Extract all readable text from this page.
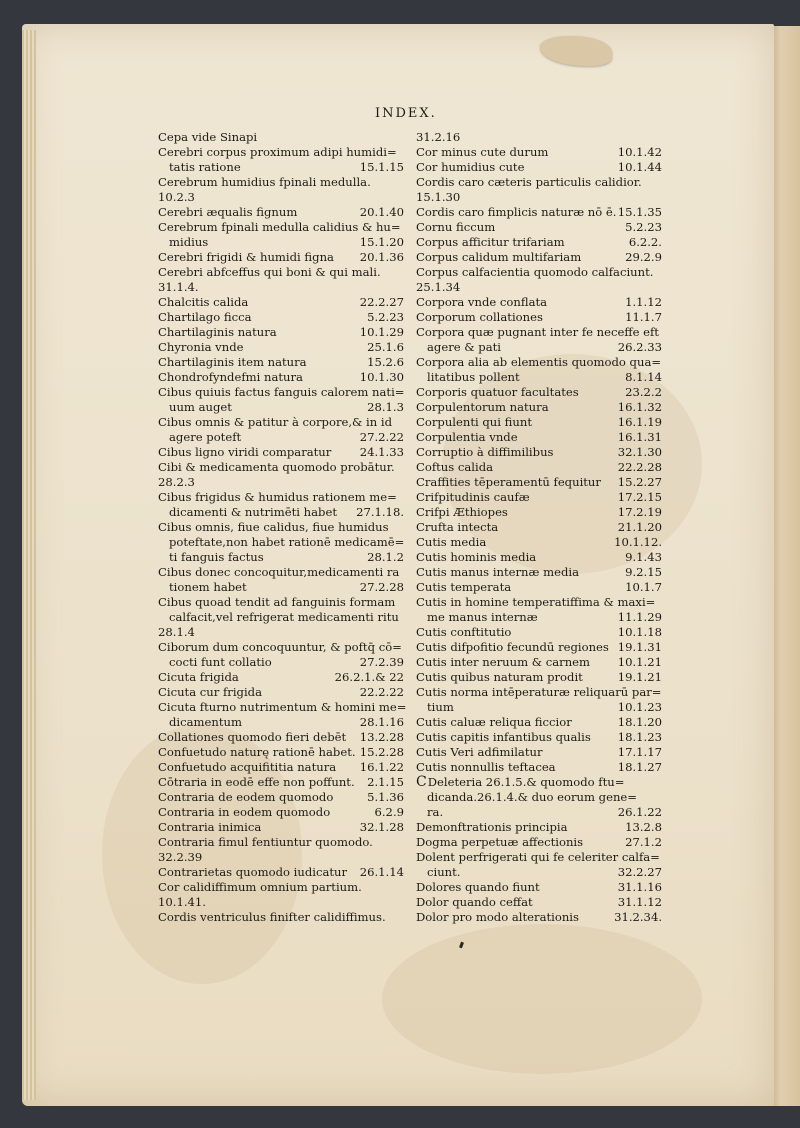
INDEX.
Cepa vide Sinapi
Cerebri corpus proximum adipi humidi=
tatis ratione	15.1.15
Cerebrum humidius fpinali medulla.
10.2.3
Cerebri æqualis fignum	20.1.40
Cerebrum fpinali medulla calidius & hu=
midius	15.1.20
Cerebri frigidi & humidi figna 20.1.36
Cerebri abfceffus qui boni & qui mali.
31.1.4.
Chalcitis calida	22.2.27
Chartilago ficca	5.2.23
Chartilaginis natura	10.1.29
Chyronia vnde	25.1.6
Chartilaginis item natura	15.2.6
Chondrofyndefmi natura	10.1.30
Cibus quiuis factus fanguis calorem nati=
uum auget	28.1.3
Cibus omnis & patitur à corpore,& in id
agere poteft	27.2.22
Cibus ligno viridi comparatur 24.1.33
Cibi & medicamenta quomodo probātur.
28.2.3
Cibus frigidus & humidus rationem me=
dicamenti & nutrimēti habet 27.1.18.
Cibus omnis, fiue calidus, fiue humidus
poteftate,non habet rationē medicamē=
ti fanguis factus	28.1.2
Cibus donec concoquitur,medicamenti ra
tionem habet	27.2.28
Cibus quoad tendit ad fanguinis formam
calfacit,vel refrigerat medicamenti ritu
28.1.4
Ciborum dum concoquuntur, & poftq̄ cō=
cocti funt collatio	27.2.39
Cicuta frigida	26.2.1.& 22
Cicuta cur frigida	22.2.22
Cicuta fturno nutrimentum & homini me=
dicamentum	28.1.16
Collationes quomodo fieri debēt 13.2.28
Confuetudo naturę rationē habet. 15.2.28
Confuetudo acquifititia natura 16.1.22
Cōtraria in eodē effe non poffunt. 2.1.15
Contraria de eodem quomodo	5.1.36
Contraria in eodem quomodo	6.2.9
Contraria inimica	32.1.28
Contraria fimul fentiuntur quomodo.
32.2.39
Contrarietas quomodo iudicatur 26.1.14
Cor calidiffimum omnium partium.
10.1.41.
Cordis ventriculus finifter calidiffimus.
31.2.16
Cor minus cute durum	10.1.42
Cor humidius cute	10.1.44
Cordis caro cæteris particulis calidior.
15.1.30
Cordis caro fimplicis naturæ nō ē. 15.1.35
Cornu ficcum	5.2.23
Corpus afficitur trifariam	6.2.2.
Corpus calidum multifariam	29.2.9
Corpus calfacientia quomodo calfaciunt.
25.1.34
Corpora vnde conflata	1.1.12
Corporum collationes	11.1.7
Corpora quæ pugnant inter fe neceffe eft
agere & pati	26.2.33
Corpora alia ab elementis quomodo qua=
litatibus pollent	8.1.14
Corporis quatuor facultates	23.2.2
Corpulentorum natura	16.1.32
Corpulenti qui fiunt	16.1.19
Corpulentia vnde	16.1.31
Corruptio à diffimilibus	32.1.30
Coftus calida	22.2.28
Craffities tēperamentū fequitur 15.2.27
Crifpitudinis caufæ	17.2.15
Crifpi Æthiopes	17.2.19
Crufta intecta	21.1.20
Cutis media	10.1.12.
Cutis hominis media	9.1.43
Cutis manus internæ media	9.2.15
Cutis temperata	10.1.7
Cutis in homine temperatiffima & maxi=
me manus internæ	11.1.29
Cutis conftitutio	10.1.18
Cutis difpofitio fecundū regiones 19.1.31
Cutis inter neruum & carnem 10.1.21
Cutis quibus naturam prodit	19.1.21
Cutis norma intēperaturæ reliquarū par=
tium	10.1.23
Cutis caluæ reliqua ficcior	18.1.20
Cutis capitis infantibus qualis 18.1.23
Cutis Veri adfimilatur	17.1.17
Cutis nonnullis teftacea	18.1.27
CDeleteria 26.1.5.& quomodo ftu=
dicanda.26.1.4.& duo eorum gene=
ra.	26.1.22
Demonftrationis principia	13.2.8
Dogma perpetuæ affectionis	27.1.2
Dolent perfrigerati qui fe celeriter calfa=
ciunt.	32.2.27
Dolores quando fiunt	31.1.16
Dolor quando ceffat	31.1.12
Dolor pro modo alterationis	31.2.34.
